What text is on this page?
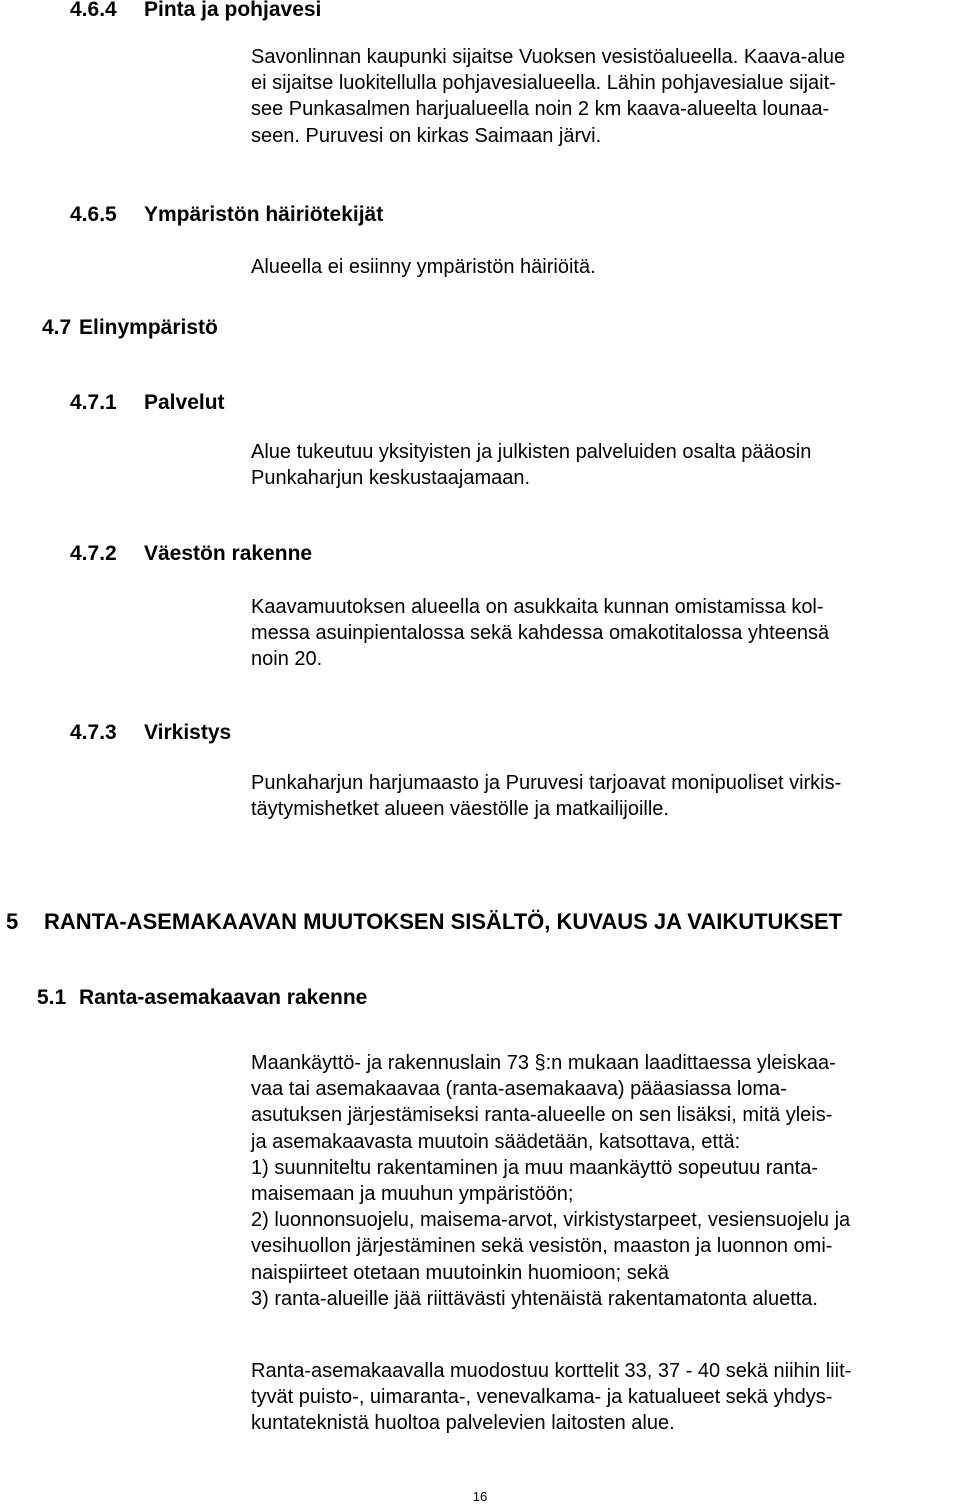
4.6.4 Pinta ja pohjavesi
Savonlinnan kaupunki sijaitse Vuoksen vesistöalueella. Kaava-alue
ei sijaitse luokitellulla pohjavesialueella. Lähin pohjavesialue sijait-
see Punkasalmen harjualueella noin 2 km kaava-alueelta lounaa-
seen. Puruvesi on kirkas Saimaan järvi.
4.6.5 Ympäristön häiriötekijät
Alueella ei esiinny ympäristön häiriöitä.
4.7 Elinympäristö
4.7.1 Palvelut
Alue tukeutuu yksityisten ja julkisten palveluiden osalta pääosin
Punkaharjun keskustaajamaan.
4.7.2 Väestön rakenne
Kaavamuutoksen alueella on asukkaita kunnan omistamissa kol-
messa asuinpientalossa sekä kahdessa omakotitalossa yhteensä
noin 20.
4.7.3 Virkistys
Punkaharjun harjumaasto ja Puruvesi tarjoavat monipuoliset virkis-
täytymishetket alueen väestölle ja matkailijoille.
5 RANTA-ASEMAKAAVAN MUUTOKSEN SISÄLTÖ, KUVAUS JA VAIKUTUKSET
5.1 Ranta-asemakaavan rakenne
Maankäyttö- ja rakennuslain 73 §:n mukaan laadittaessa yleiskaa-
vaa tai asemakaavaa (ranta-asemakaava) pääasiassa loma-
asutuksen järjestämiseksi ranta-alueelle on sen lisäksi, mitä yleis-
ja asemakaavasta muutoin säädetään, katsottava, että:
1) suunniteltu rakentaminen ja muu maankäyttö sopeutuu ranta-
maisemaan ja muuhun ympäristöön;
2) luonnonsuojelu, maisema-arvot, virkistystarpeet, vesiensuojelu ja
vesihuollon järjestäminen sekä vesistön, maaston ja luonnon omi-
naispiirteet otetaan muutoinkin huomioon; sekä
3) ranta-alueille jää riittävästi yhtenäistä rakentamatonta aluetta.
Ranta-asemakaavalla muodostuu korttelit 33, 37 - 40 sekä niihin liit-
tyvät puisto-, uimaranta-, venevalkama- ja katualueet sekä yhdys-
kuntateknistä huoltoa palvelevien laitosten alue.
16
